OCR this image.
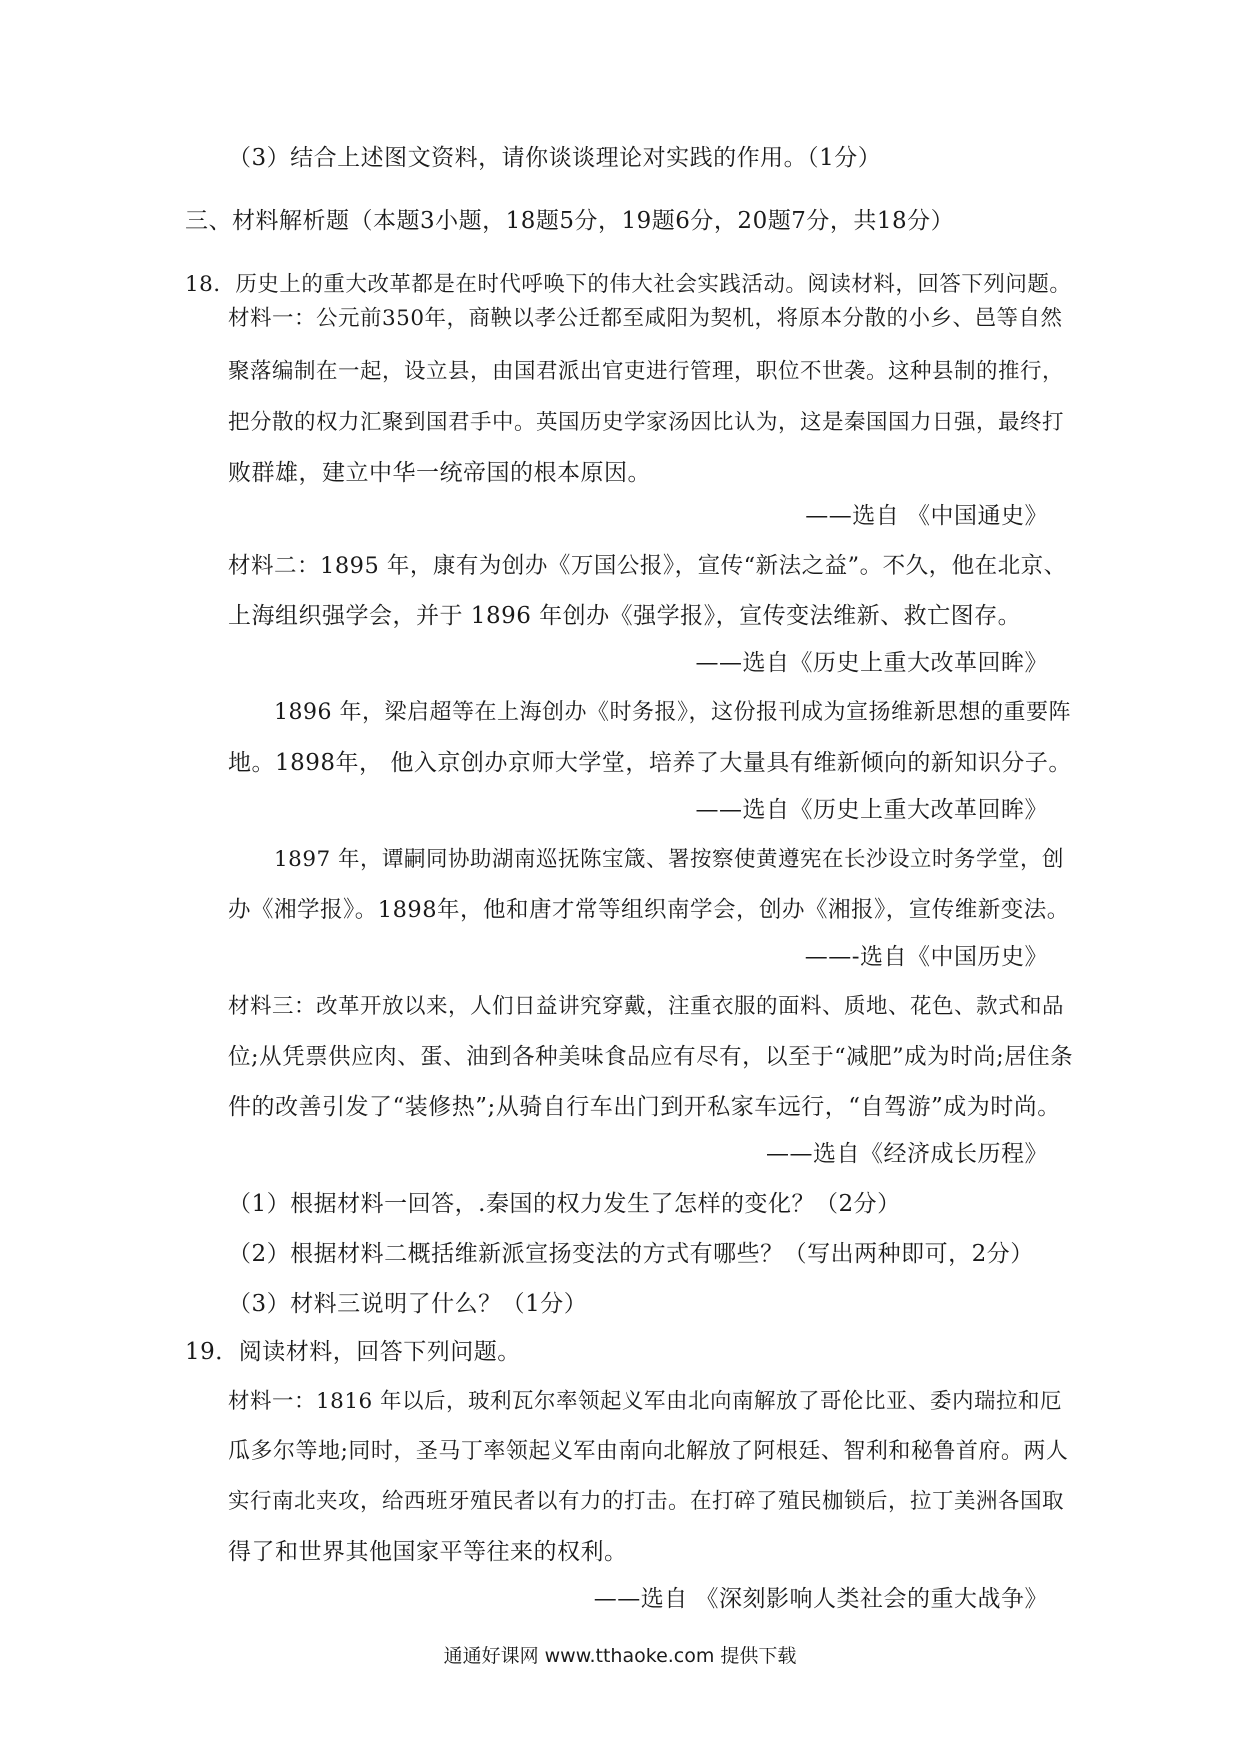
（3）结合上述图文资料，请你谈谈理论对实践的作用。（1分）
三、材料解析题（本题3小题，18题5分，19题6分，20题7分，共18分）
18．历史上的重大改革都是在时代呼唤下的伟大社会实践活动。阅读材料，回答下列问题。
材料一：公元前350年，商鞅以孝公迁都至咸阳为契机，将原本分散的小乡、邑等自然
聚落编制在一起，设立县，由国君派出官吏进行管理，职位不世袭。这种县制的推行，
把分散的权力汇聚到国君手中。英国历史学家汤因比认为，这是秦国国力日强，最终打
败群雄，建立中华一统帝国的根本原因。
——选自 《中国通史》
材料二：1895 年，康有为创办《万国公报》，宣传“新法之益”。不久，他在北京、
上海组织强学会，并于 1896 年创办《强学报》，宣传变法维新、救亡图存。
——选自《历史上重大改革回眸》
1896 年，梁启超等在上海创办《时务报》，这份报刊成为宣扬维新思想的重要阵
地。1898年， 他入京创办京师大学堂，培养了大量具有维新倾向的新知识分子。
——选自《历史上重大改革回眸》
1897 年，谭嗣同协助湖南巡抚陈宝箴、署按察使黄遵宪在长沙设立时务学堂，创
办《湘学报》。1898年，他和唐才常等组织南学会，创办《湘报》，宣传维新变法。
——-选自《中国历史》
材料三：改革开放以来，人们日益讲究穿戴，注重衣服的面料、质地、花色、款式和品
位;从凭票供应肉、蛋、油到各种美味食品应有尽有，以至于“减肥”成为时尚;居住条
件的改善引发了“装修热”;从骑自行车出门到开私家车远行，“自驾游”成为时尚。
——选自《经济成长历程》
（1）根据材料一回答，.秦国的权力发生了怎样的变化？（2分）
（2）根据材料二概括维新派宣扬变法的方式有哪些？（写出两种即可，2分）
（3）材料三说明了什么？（1分）
19．阅读材料，回答下列问题。
材料一：1816 年以后，玻利瓦尔率领起义军由北向南解放了哥伦比亚、委内瑞拉和厄
瓜多尔等地;同时，圣马丁率领起义军由南向北解放了阿根廷、智利和秘鲁首府。两人
实行南北夹攻，给西班牙殖民者以有力的打击。在打碎了殖民枷锁后，拉丁美洲各国取
得了和世界其他国家平等往来的权利。
——选自 《深刻影响人类社会的重大战争》
通通好课网 www.tthaoke.com 提供下载
